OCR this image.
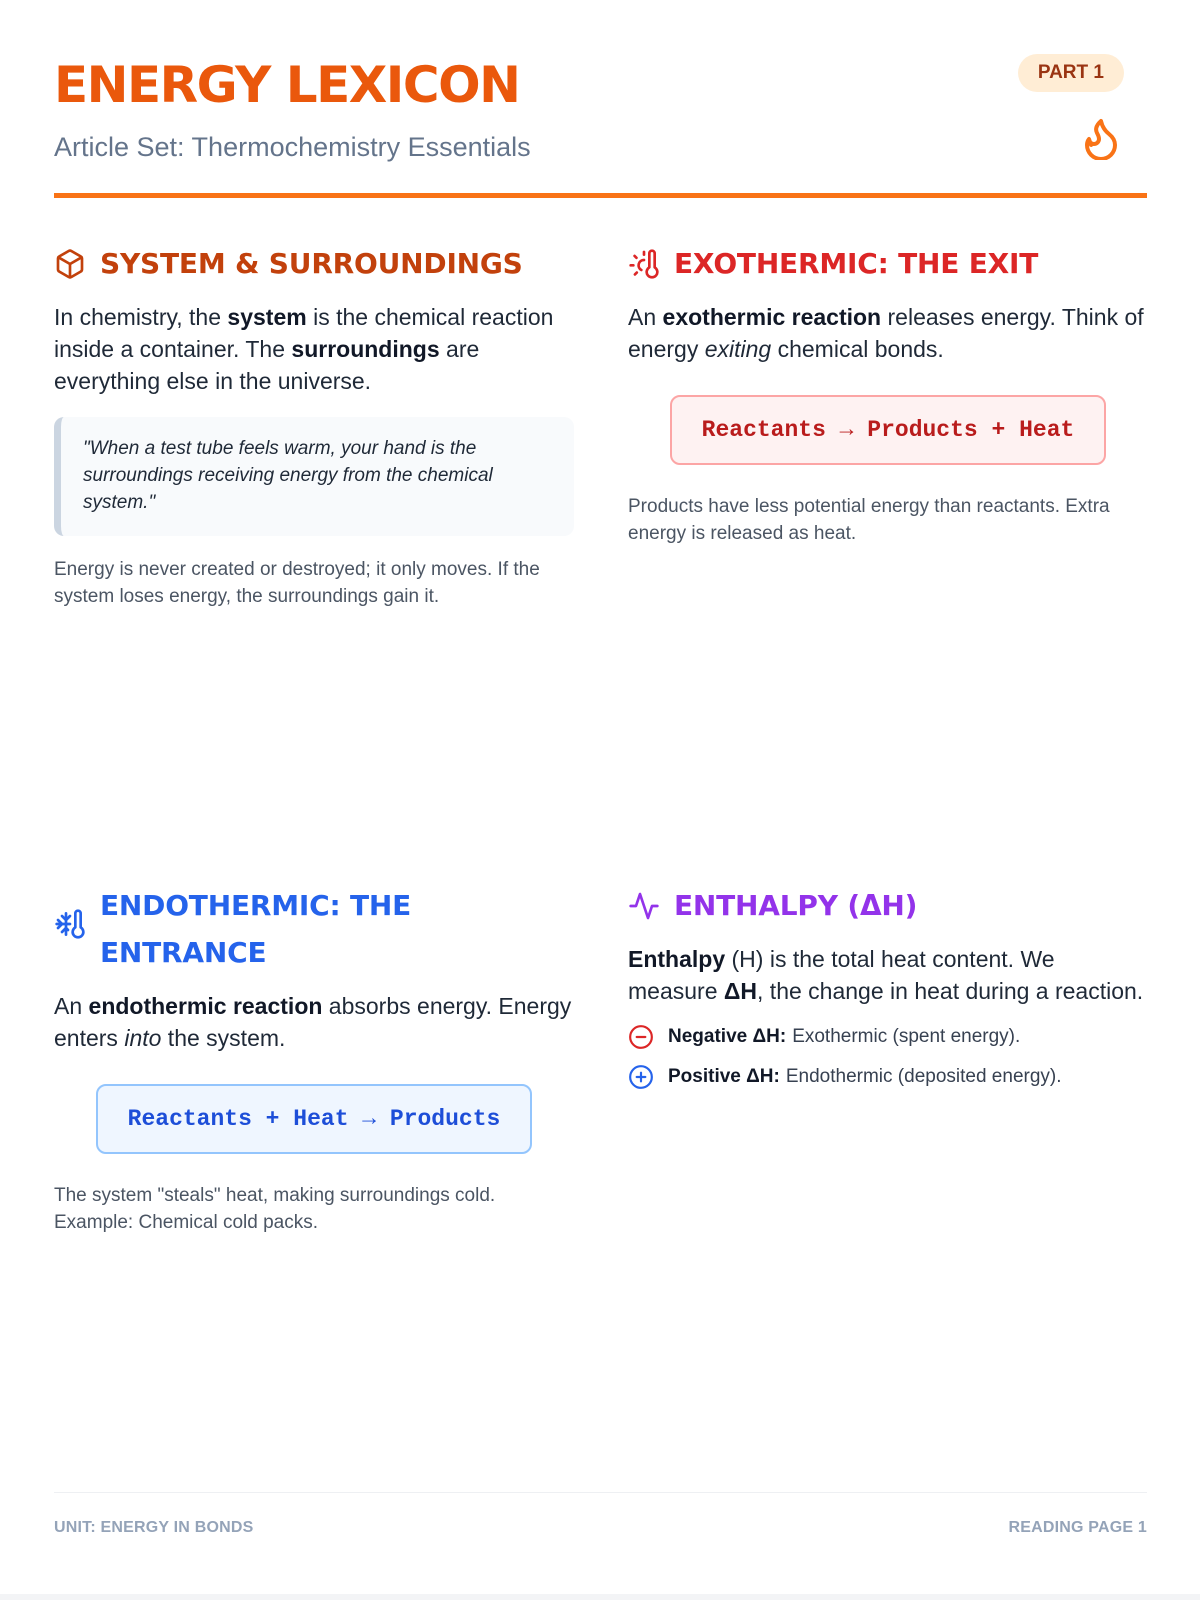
ENERGY LEXICON
Article Set: Thermochemistry Essentials
PART 1
SYSTEM & SURROUNDINGS
In chemistry, the system is the chemical reaction inside a container. The surroundings are everything else in the universe.
"When a test tube feels warm, your hand is the surroundings receiving energy from the chemical system."
Energy is never created or destroyed; it only moves. If the system loses energy, the surroundings gain it.
EXOTHERMIC: THE EXIT
An exothermic reaction releases energy. Think of energy exiting chemical bonds.
Reactants → Products + Heat
Products have less potential energy than reactants. Extra energy is released as heat.
ENDOTHERMIC: THE ENTRANCE
An endothermic reaction absorbs energy. Energy enters into the system.
Reactants + Heat → Products
The system "steals" heat, making surroundings cold. Example: Chemical cold packs.
ENTHALPY (ΔH)
Enthalpy (H) is the total heat content. We measure ΔH, the change in heat during a reaction.
Negative ΔH: Exothermic (spent energy).
Positive ΔH: Endothermic (deposited energy).
UNIT: ENERGY IN BONDS	READING PAGE 1
